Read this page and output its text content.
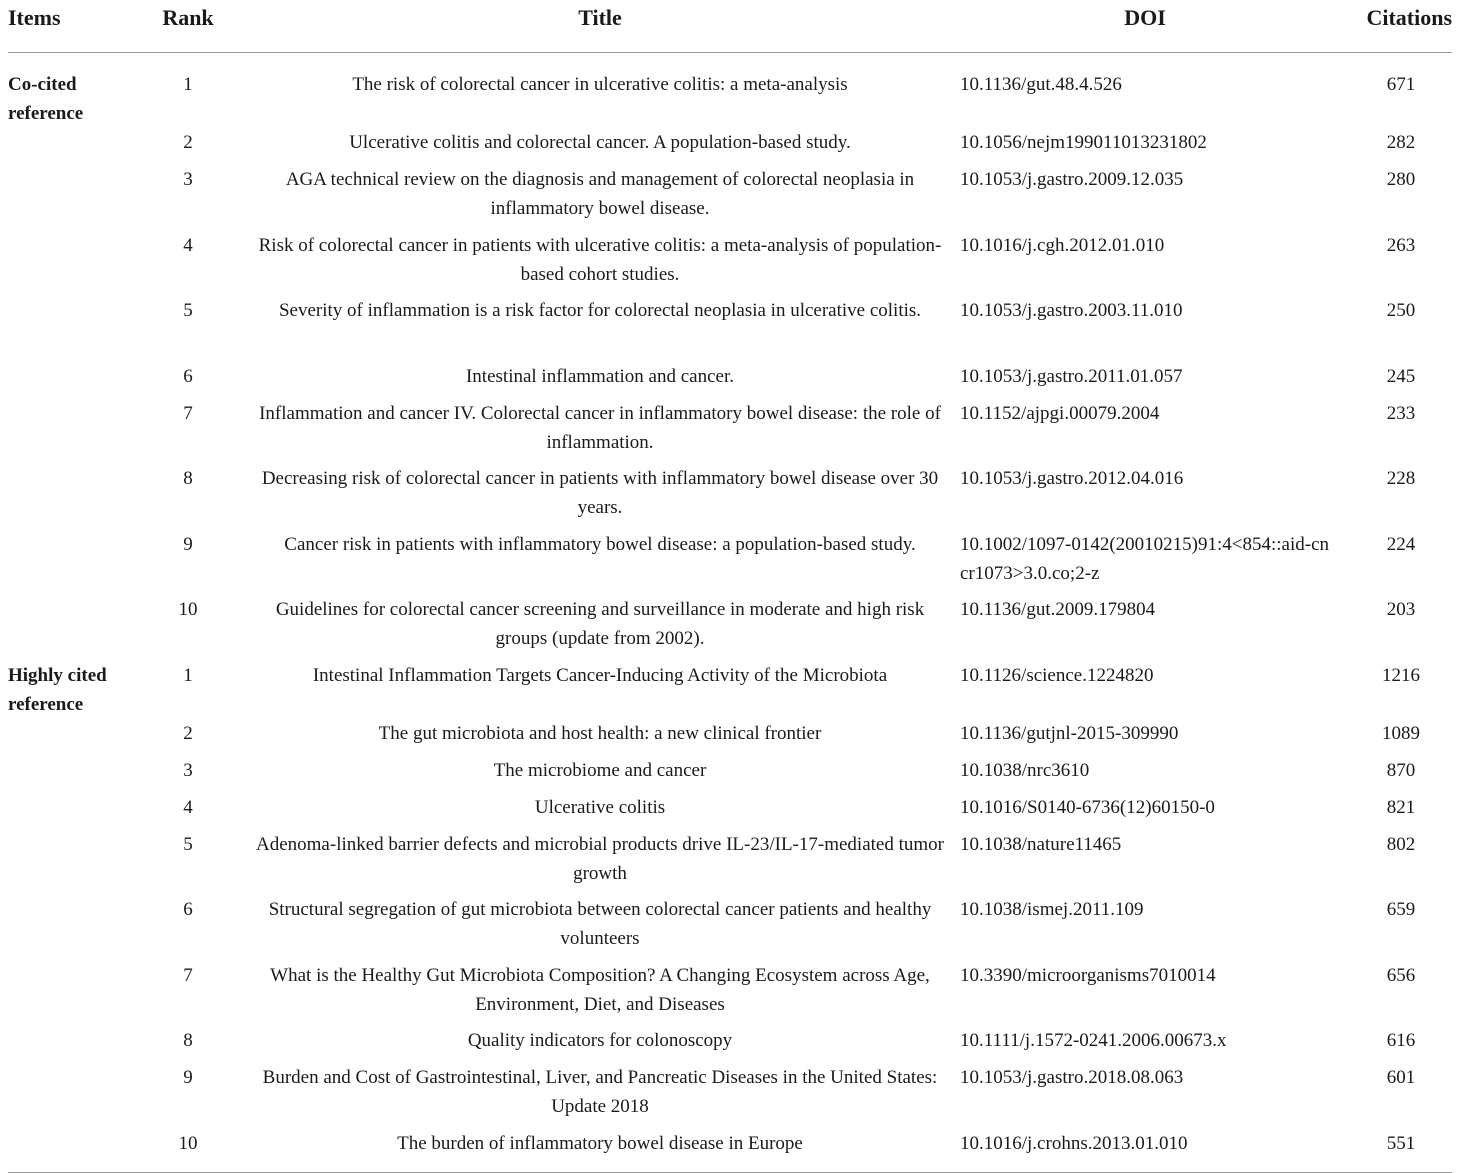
Items	Rank	Title	DOI	Citations

Co-cited
reference	1	The risk of colorectal cancer in ulcerative colitis: a meta-analysis	10.1136/gut.48.4.526	671
	2	Ulcerative colitis and colorectal cancer. A population-based study.	10.1056/nejm199011013231802	282
	3	AGA technical review on the diagnosis and management of colorectal neoplasia in inflammatory bowel disease.	10.1053/j.gastro.2009.12.035	280
	4	Risk of colorectal cancer in patients with ulcerative colitis: a meta-analysis of population-based cohort studies.	10.1016/j.cgh.2012.01.010	263
	5	Severity of inflammation is a risk factor for colorectal neoplasia in ulcerative colitis.	10.1053/j.gastro.2003.11.010	250
	6	Intestinal inflammation and cancer.	10.1053/j.gastro.2011.01.057	245
	7	Inflammation and cancer IV. Colorectal cancer in inflammatory bowel disease: the role of inflammation.	10.1152/ajpgi.00079.2004	233
	8	Decreasing risk of colorectal cancer in patients with inflammatory bowel disease over 30 years.	10.1053/j.gastro.2012.04.016	228
	9	Cancer risk in patients with inflammatory bowel disease: a population-based study.	10.1002/1097-0142(20010215)91:4<854::aid-cncr1073>3.0.co;2-z	224
	10	Guidelines for colorectal cancer screening and surveillance in moderate and high risk groups (update from 2002).	10.1136/gut.2009.179804	203

Highly cited
reference	1	Intestinal Inflammation Targets Cancer-Inducing Activity of the Microbiota	10.1126/science.1224820	1216
	2	The gut microbiota and host health: a new clinical frontier	10.1136/gutjnl-2015-309990	1089
	3	The microbiome and cancer	10.1038/nrc3610	870
	4	Ulcerative colitis	10.1016/S0140-6736(12)60150-0	821
	5	Adenoma-linked barrier defects and microbial products drive IL-23/IL-17-mediated tumor growth	10.1038/nature11465	802
	6	Structural segregation of gut microbiota between colorectal cancer patients and healthy volunteers	10.1038/ismej.2011.109	659
	7	What is the Healthy Gut Microbiota Composition? A Changing Ecosystem across Age, Environment, Diet, and Diseases	10.3390/microorganisms7010014	656
	8	Quality indicators for colonoscopy	10.1111/j.1572-0241.2006.00673.x	616
	9	Burden and Cost of Gastrointestinal, Liver, and Pancreatic Diseases in the United States: Update 2018	10.1053/j.gastro.2018.08.063	601
	10	The burden of inflammatory bowel disease in Europe	10.1016/j.crohns.2013.01.010	551
